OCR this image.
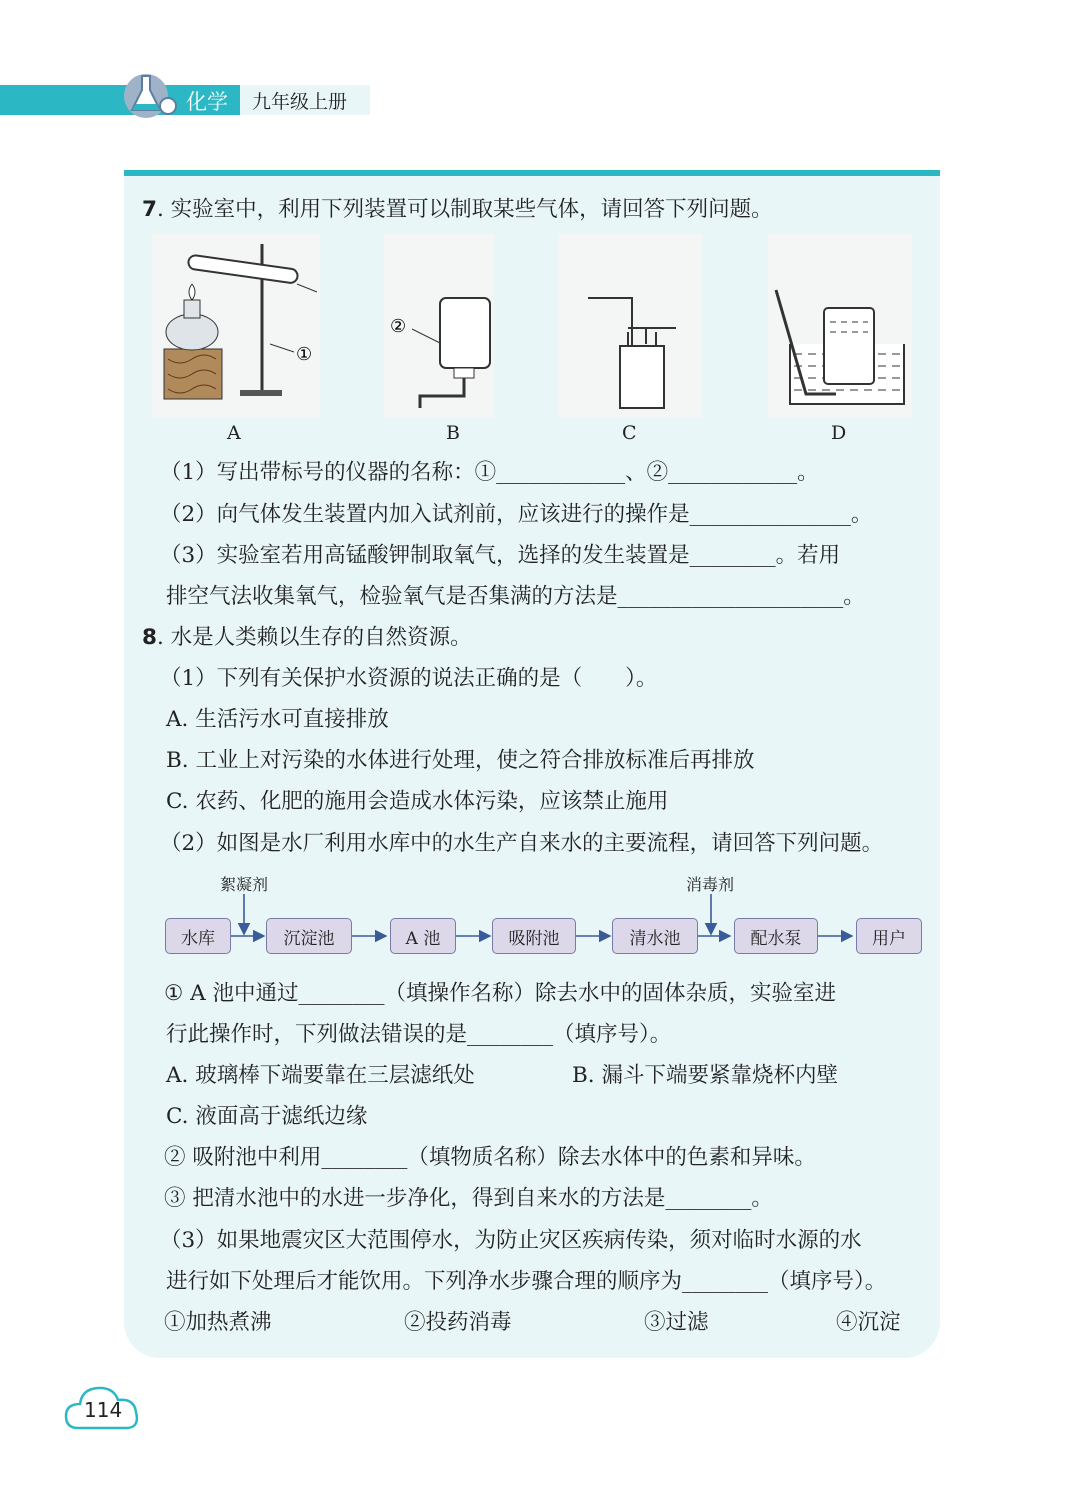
化学 九年级上册
7. 实验室中，利用下列装置可以制取某些气体，请回答下列问题。
①
A
②
B	C	D
（1）写出带标号的仪器的名称：①____________、②____________。
（2）向气体发生装置内加入试剂前，应该进行的操作是_______________。
（3）实验室若用高锰酸钾制取氧气，选择的发生装置是________。若用
排空气法收集氧气，检验氧气是否集满的方法是_____________________。
8. 水是人类赖以生存的自然资源。
（1）下列有关保护水资源的说法正确的是（　　）。
A. 生活污水可直接排放
B. 工业上对污染的水体进行处理，使之符合排放标准后再排放
C. 农药、化肥的施用会造成水体污染，应该禁止施用
（2）如图是水厂利用水库中的水生产自来水的主要流程，请回答下列问题。
絮凝剂	消毒剂
水库	沉淀池	A 池	吸附池	清水池	配水泵	用户
① A 池中通过________（填操作名称）除去水中的固体杂质，实验室进
行此操作时，下列做法错误的是________（填序号）。
A. 玻璃棒下端要靠在三层滤纸处	B. 漏斗下端要紧靠烧杯内壁
C. 液面高于滤纸边缘
② 吸附池中利用________（填物质名称）除去水体中的色素和异味。
③ 把清水池中的水进一步净化，得到自来水的方法是________。
（3）如果地震灾区大范围停水，为防止灾区疾病传染，须对临时水源的水
进行如下处理后才能饮用。下列净水步骤合理的顺序为________（填序号）。
①加热煮沸	②投药消毒	③过滤	④沉淀
114
